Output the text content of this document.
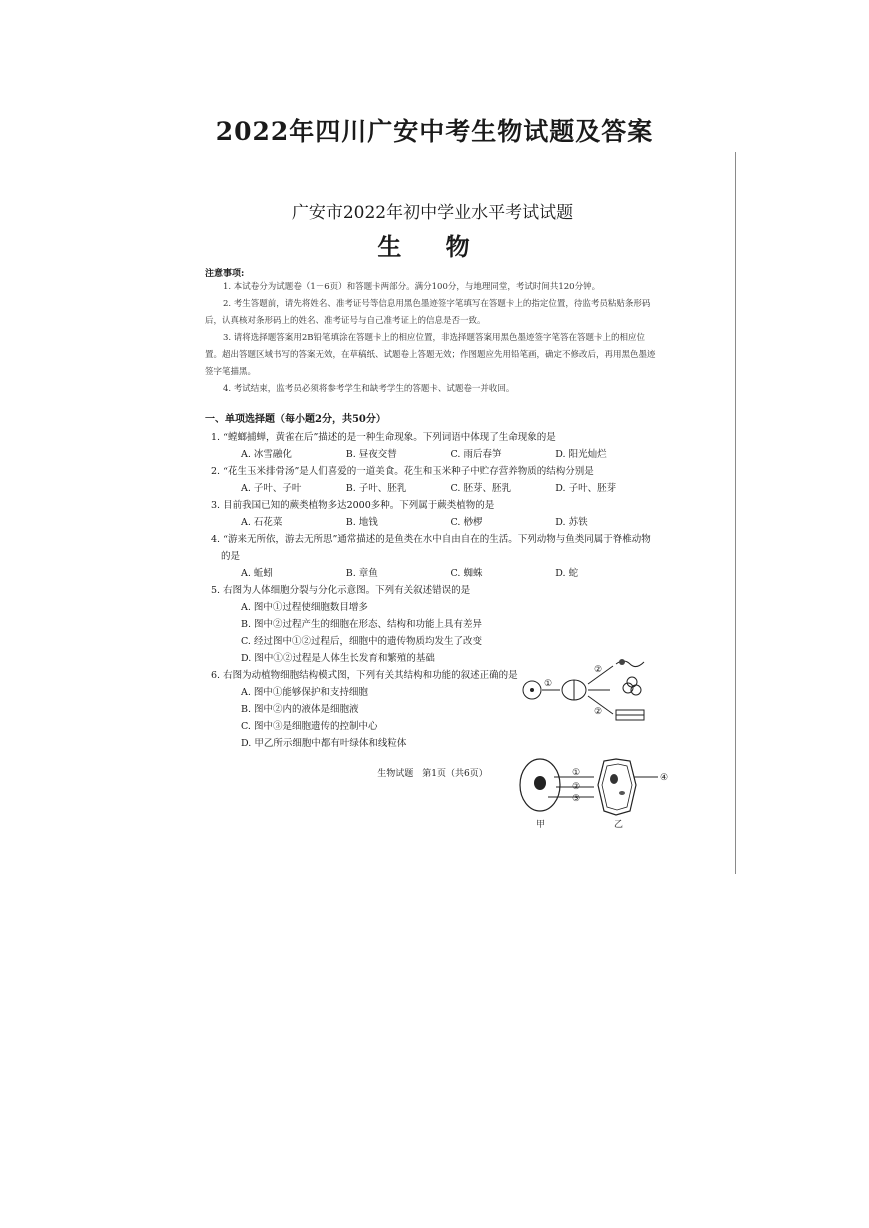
2022年四川广安中考生物试题及答案
广安市2022年初中学业水平考试试题
生 物
注意事项:

1. 本试卷分为试题卷（1－6页）和答题卡两部分。满分100分，与地理同堂，考试时间共120分钟。

2. 考生答题前，请先将姓名、准考证号等信息用黑色墨迹签字笔填写在答题卡上的指定位置，待监考员粘贴条形码后，认真核对条形码上的姓名、准考证号与自己准考证上的信息是否一致。

3. 请将选择题答案用2B铅笔填涂在答题卡上的相应位置，非选择题答案用黑色墨迹签字笔答在答题卡上的相应位置。超出答题区域书写的答案无效，在草稿纸、试题卷上答题无效；作图题应先用铅笔画，确定不修改后，再用黑色墨迹签字笔描黑。

4. 考试结束，监考员必须将参考学生和缺考学生的答题卡、试题卷一并收回。

一、单项选择题（每小题2分，共50分）

1. “螳螂捕蝉，黄雀在后”描述的是一种生命现象。下列词语中体现了生命现象的是

A. 冰雪融化	B. 昼夜交替	C. 雨后春笋	D. 阳光灿烂

2. “花生玉米排骨汤”是人们喜爱的一道美食。花生和玉米种子中贮存营养物质的结构分别是

A. 子叶、子叶	B. 子叶、胚乳	C. 胚芽、胚乳	D. 子叶、胚芽

3. 目前我国已知的蕨类植物多达2000多种。下列属于蕨类植物的是

A. 石花菜	B. 地钱	C. 桫椤	D. 苏铁

4. “游来无所依，游去无所思”通常描述的是鱼类在水中自由自在的生活。下列动物与鱼类同属于脊椎动物的是

A. 蚯蚓	B. 章鱼	C. 蜘蛛	D. 蛇

5. 右图为人体细胞分裂与分化示意图。下列有关叙述错误的是

A. 图中①过程使细胞数目增多
B. 图中②过程产生的细胞在形态、结构和功能上具有差异
C. 经过图中①②过程后，细胞中的遗传物质均发生了改变
D. 图中①②过程是人体生长发育和繁殖的基础

6. 右图为动植物细胞结构模式图，下列有关其结构和功能的叙述正确的是

A. 图中①能够保护和支持细胞
B. 图中②内的液体是细胞液
C. 图中③是细胞遗传的控制中心
D. 甲乙所示细胞中都有叶绿体和线粒体
生物试题　第1页（共6页）
①
②
②
甲
①
②
③
④
乙
